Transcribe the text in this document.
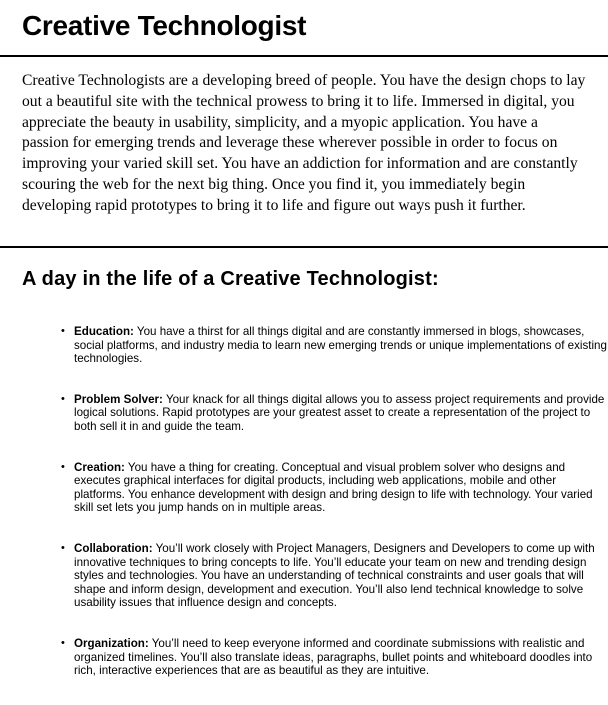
Creative Technologist

Creative Technologists are a developing breed of people. You have the design chops to lay out a beautiful site with the technical prowess to bring it to life. Immersed in digital, you appreciate the beauty in usability, simplicity, and a myopic application. You have a passion for emerging trends and leverage these wherever possible in order to focus on improving your varied skill set. You have an addiction for information and are constantly scouring the web for the next big thing. Once you find it, you immediately begin developing rapid prototypes to bring it to life and figure out ways push it further.

A day in the life of a Creative Technologist:
• Education: You have a thirst for all things digital and are constantly immersed in blogs, showcases, social platforms, and industry media to learn new emerging trends or unique implementations of existing technologies.
• Problem Solver: Your knack for all things digital allows you to assess project requirements and provide logical solutions. Rapid prototypes are your greatest asset to create a representation of the project to both sell it in and guide the team.
• Creation: You have a thing for creating. Conceptual and visual problem solver who designs and executes graphical interfaces for digital products, including web applications, mobile and other platforms. You enhance development with design and bring design to life with technology. Your varied skill set lets you jump hands on in multiple areas.
• Collaboration: You’ll work closely with Project Managers, Designers and Developers to come up with innovative techniques to bring concepts to life. You’ll educate your team on new and trending design styles and technologies. You have an understanding of technical constraints and user goals that will shape and inform design, development and execution. You’ll also lend technical knowledge to solve usability issues that influence design and concepts.
• Organization: You’ll need to keep everyone informed and coordinate submissions with realistic and organized timelines. You’ll also translate ideas, paragraphs, bullet points and whiteboard doodles into rich, interactive experiences that are as beautiful as they are intuitive.
